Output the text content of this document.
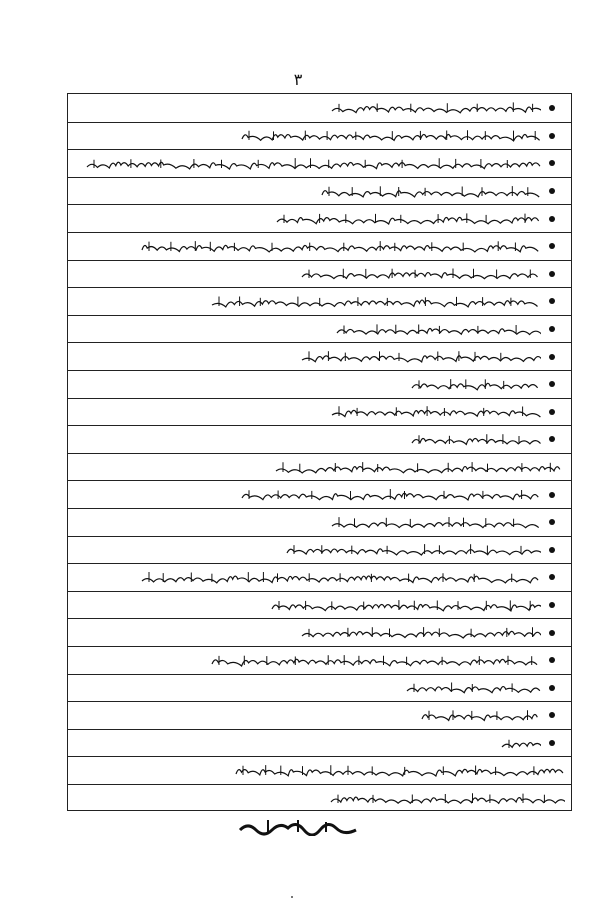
٣
